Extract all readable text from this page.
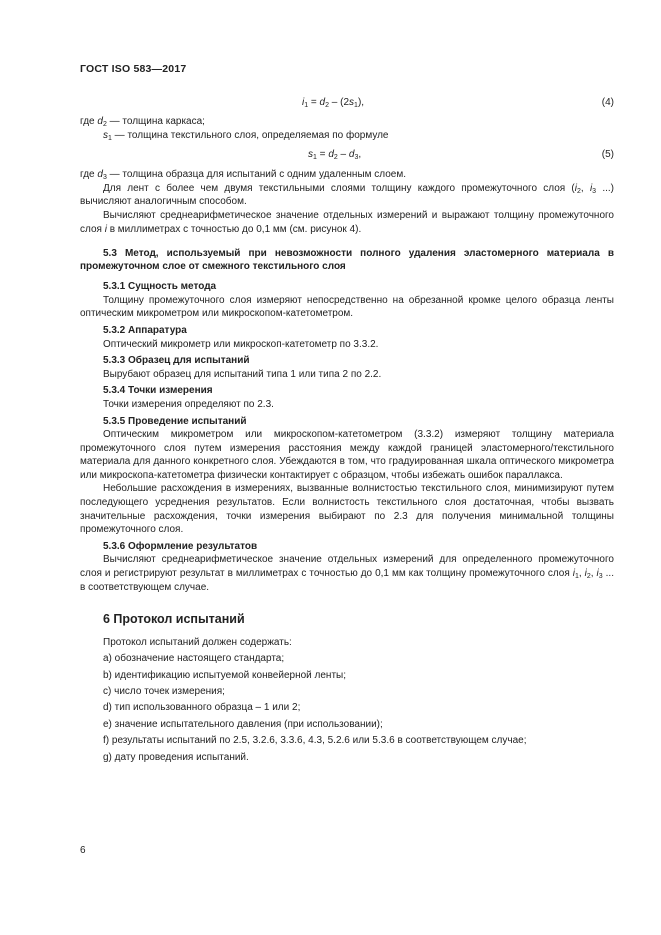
ГОСТ ISO 583—2017
$i_1 = d_2 - (2s_1)$,	(4)

где $d_2$ — толщина каркаса;

$s_1$ — толщина текстильного слоя, определяемая по формуле

$s_1 = d_2 - d_3$,	(5)

где $d_3$ — толщина образца для испытаний с одним удаленным слоем.

Для лент с более чем двумя текстильными слоями толщину каждого промежуточного слоя ($i_2$, $i_3$ ...) вычисляют аналогичным способом.

Вычисляют среднеарифметическое значение отдельных измерений и выражают толщину промежуточного слоя i в миллиметрах с точностью до 0,1 мм (см. рисунок 4).

5.3 Метод, используемый при невозможности полного удаления эластомерного материала в промежуточном слое от смежного текстильного слоя

5.3.1 Сущность метода

Толщину промежуточного слоя измеряют непосредственно на обрезанной кромке целого образца ленты оптическим микрометром или микроскопом-катетометром.

5.3.2 Аппаратура

Оптический микрометр или микроскоп-катетометр по 3.3.2.

5.3.3 Образец для испытаний

Вырубают образец для испытаний типа 1 или типа 2 по 2.2.

5.3.4 Точки измерения

Точки измерения определяют по 2.3.

5.3.5 Проведение испытаний

Оптическим микрометром или микроскопом-катетометром (3.3.2) измеряют толщину материала промежуточного слоя путем измерения расстояния между каждой границей эластомерного/текстильного материала для данного конкретного слоя. Убеждаются в том, что градуированная шкала оптического микрометра или микроскопа-катетометра физически контактирует с образцом, чтобы избежать ошибок параллакса.

Небольшие расхождения в измерениях, вызванные волнистостью текстильного слоя, минимизируют путем последующего усреднения результатов. Если волнистость текстильного слоя достаточная, чтобы вызвать значительные расхождения, точки измерения выбирают по 2.3 для получения минимальной толщины промежуточного слоя.

5.3.6 Оформление результатов

Вычисляют среднеарифметическое значение отдельных измерений для определенного промежуточного слоя и регистрируют результат в миллиметрах с точностью до 0,1 мм как толщину промежуточного слоя $i_1$, $i_2$, $i_3$ ... в соответствующем случае.

6 Протокол испытаний

Протокол испытаний должен содержать:

a) обозначение настоящего стандарта;

b) идентификацию испытуемой конвейерной ленты;

c) число точек измерения;

d) тип использованного образца – 1 или 2;

e) значение испытательного давления (при использовании);

f) результаты испытаний по 2.5, 3.2.6, 3.3.6, 4.3, 5.2.6 или 5.3.6 в соответствующем случае;

g) дату проведения испытаний.

6
